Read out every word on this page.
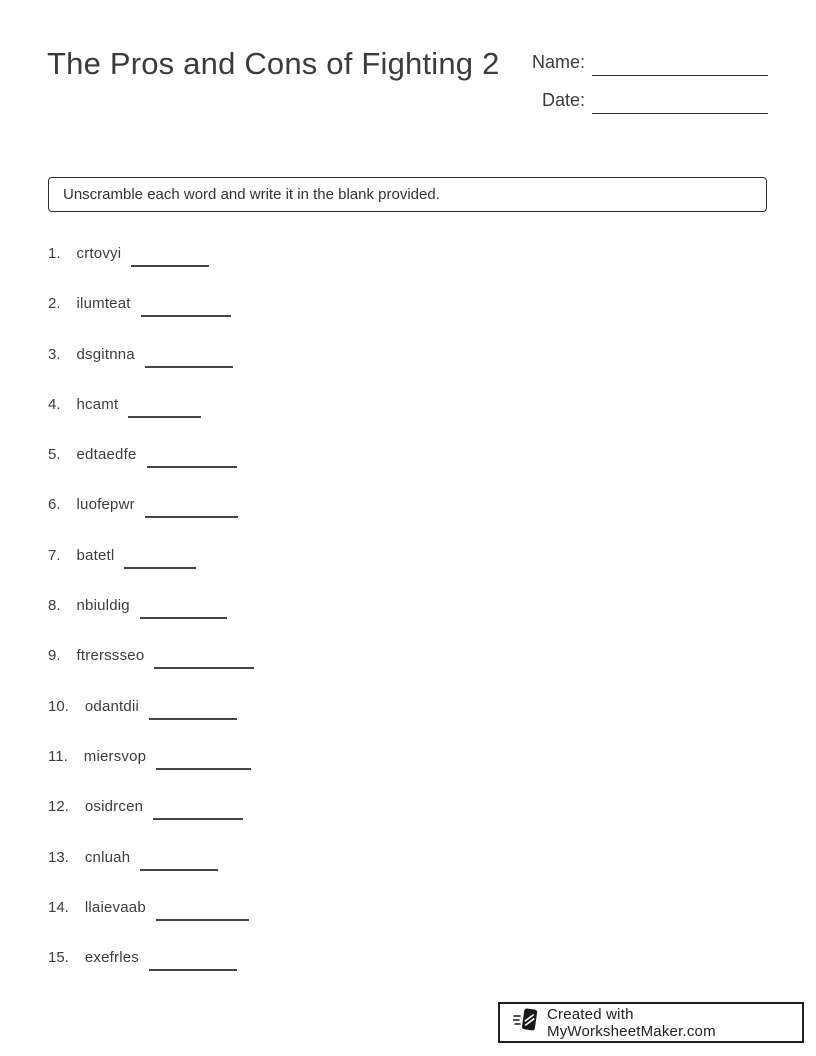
The Pros and Cons of Fighting 2	Name:
Date:
Unscramble each word and write it in the blank provided.
1. crtovyi
2. ilumteat
3. dsgitnna
4. hcamt
5. edtaedfe
6. luofepwr
7. batetl
8. nbiuldig
9. ftrerssseo
10. odantdii
11. miersvop
12. osidrcen
13. cnluah
14. llaievaab
15. exefrles
Created with MyWorksheetMaker.com
